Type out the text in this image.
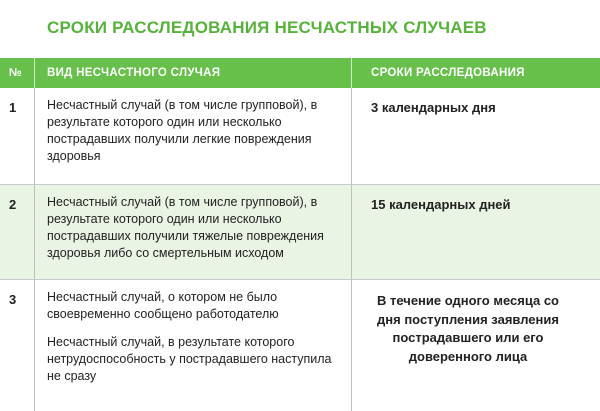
СРОКИ РАССЛЕДОВАНИЯ НЕСЧАСТНЫХ СЛУЧАЕВ
№ ВИД НЕСЧАСТНОГО СЛУЧАЯ	СРОКИ РАССЛЕДОВАНИЯ
1 Несчастный случай (в том числе групповой), в результате которого один или несколько пострадавших получили легкие повреждения здоровья

3 календарных дня
2 Несчастный случай (в том числе групповой), в результате которого один или несколько пострадавших получили тяжелые повреждения здоровья либо со смертельным исходом

15 календарных дней
3 Несчастный случай, о котором не было своевременно сообщено работодателю

Несчастный случай, в результате которого нетрудоспособность у пострадавшего наступила не сразу

В течение одного месяца со дня поступления заявления пострадавшего или его доверенного лица
